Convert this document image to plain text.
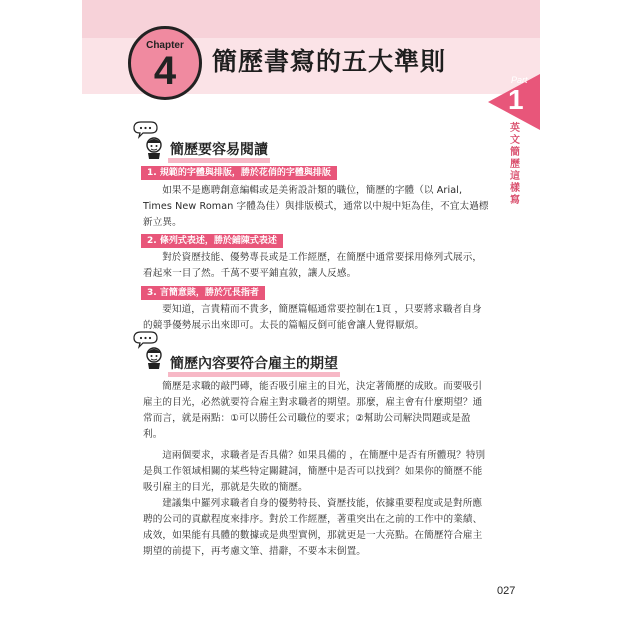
Chapter
4	簡歷書寫的五大準則
Part
1
英文簡歷這樣寫
簡歷要容易閱讀
1. 規範的字體與排版，勝於花俏的字體與排版
如果不是應聘創意編輯或是美術設計類的職位，簡歷的字體（以 Arial, Times New Roman 字體為佳）與排版模式，通常以中規中矩為佳，不宜太過標新立異。
2. 條列式表述，勝於鋪陳式表述
對於資歷技能、優勢專長或是工作經歷，在簡歷中通常要採用條列式展示，看起來一目了然。千萬不要平鋪直敘，讓人反感。
3. 言簡意賅，勝於冗長指者
要知道，言貴精而不貴多，簡歷篇幅通常要控制在1頁 ，只要將求職者自身的競爭優勢展示出來即可。太長的篇幅反倒可能會讓人覺得厭煩。
簡歷內容要符合雇主的期望
簡歷是求職的敲門磚，能否吸引雇主的目光，決定著簡歷的成敗。而要吸引雇主的目光，必然就要符合雇主對求職者的期望。那麼，雇主會有什麼期望？通常而言，就是兩點：①可以勝任公司職位的要求；②幫助公司解決問題或是盈利。
這兩個要求，求職者是否具備？如果具備的 ，在簡歷中是否有所體現？特別是與工作領域相關的某些特定關鍵詞，簡歷中是否可以找到？如果你的簡歷不能吸引雇主的目光，那就是失敗的簡歷。
建議集中羅列求職者自身的優勢特長、資歷技能，依據重要程度或是對所應聘的公司的貢獻程度來排序。對於工作經歷，著重突出在之前的工作中的業績、成效，如果能有具體的數據或是典型實例，那就更是一大亮點。在簡歷符合雇主期望的前提下，再考慮文筆、措辭，不要本末倒置。
027
